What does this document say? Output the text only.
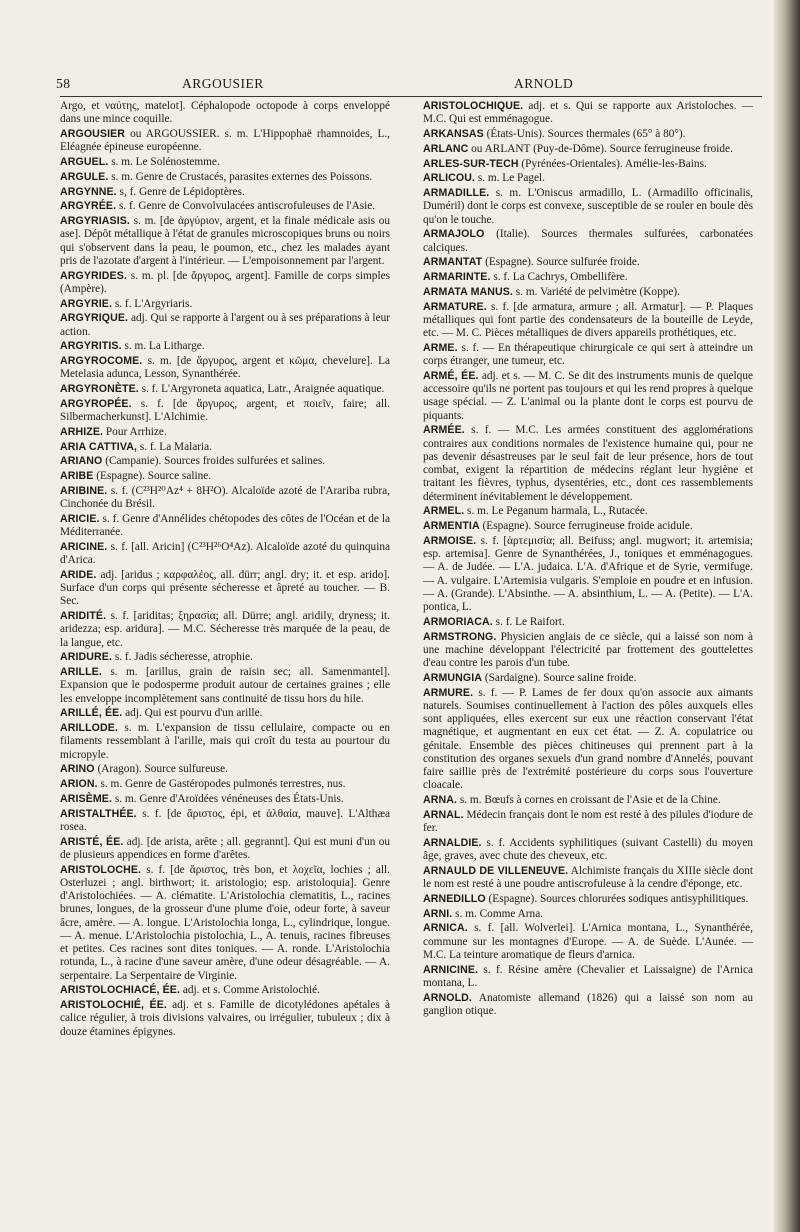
58	ARGOUSIER	ARNOLD

Argo, et ναύτης, matelot]. Céphalopode octopode à corps enveloppé dans une mince coquille.

ARGOUSIER ou ARGOUSSIER. s. m. L'Hippophaë rhamnoides, L., Eléagnée épineuse européenne.

ARGUEL. s. m. Le Solénostemme.

ARGULE. s. m. Genre de Crustacés, parasites externes des Poissons.

ARGYNNE. s, f. Genre de Lépidoptères.

ARGYRÉE. s. f. Genre de Convolvulacées antiscrofuleuses de l'Asie.

ARGYRIASIS. s. m. [de ἀργύριον, argent, et la finale médicale asis ou ase]. Dépôt métallique à l'état de granules microscopiques bruns ou noirs qui s'observent dans la peau, le poumon, etc., chez les malades ayant pris de l'azotate d'argent à l'intérieur. — L'empoisonnement par l'argent.

ARGYRIDES. s. m. pl. [de ἄργυρος, argent]. Famille de corps simples (Ampère).

ARGYRIE. s. f. L'Argyriaris.

ARGYRIQUE. adj. Qui se rapporte à l'argent ou à ses préparations à leur action.

ARGYRITIS. s. m. La Litharge.

ARGYROCOME. s. m. [de ἄργυρος, argent et κῶμα, chevelure]. La Metelasia adunca, Lesson, Synanthérée.

ARGYRONÈTE. s. f. L'Argyroneta aquatica, Latr., Araignée aquatique.

ARGYROPÉE. s. f. [de ἄργυρος, argent, et ποιεῖν, faire; all. Silbermacherkunst]. L'Alchimie.

ARHIZE. Pour Arrhize.

ARIA CATTIVA, s. f. La Malaria.

ARIANO (Campanie). Sources froides sulfurées et salines.

ARIBE (Espagne). Source saline.

ARIBINE. s. f. (C²³H²⁰Az⁴ + 8H²O). Alcaloïde azoté de l'Arariba rubra, Cinchonée du Brésil.

ARICIE. s. f. Genre d'Annélides chétopodes des côtes de l'Océan et de la Méditerranée.

ARICINE. s. f. [all. Aricin] (C²³H²⁶O⁴Az). Alcaloïde azoté du quinquina d'Arica.

ARIDE. adj. [aridus ; καρφαλέος, all. dürr; angl. dry; it. et esp. arido]. Surface d'un corps qui présente sécheresse et âpreté au toucher. — B. Sec.

ARIDITÉ. s. f. [ariditas; ξηρασία; all. Dürre; angl. aridily, dryness; it. aridezza; esp. aridura]. — M.C. Sécheresse très marquée de la peau, de la langue, etc.

ARIDURE. s. f. Jadis sécheresse, atrophie.

ARILLE. s. m. [arillus, grain de raisin sec; all. Samenmantel]. Expansion que le podosperme produit autour de certaines graines ; elle les enveloppe incomplètement sans continuité de tissu hors du hile.

ARILLÉ, ÉE. adj. Qui est pourvu d'un arille.

ARILLODE. s. m. L'expansion de tissu cellulaire, compacte ou en filaments ressemblant à l'arille, mais qui croît du testa au pourtour du micropyle.

ARINO (Aragon). Source sulfureuse.

ARION. s. m. Genre de Gastéropodes pulmonés terrestres, nus.

ARISÈME. s. m. Genre d'Aroïdées vénéneuses des États-Unis.

ARISTALTHÉE. s. f. [de ἄριστος, épi, et ἀλθαία, mauve]. L'Althæa rosea.

ARISTÉ, ÉE. adj. [de arista, arête ; all. gegrannt]. Qui est muni d'un ou de plusieurs appendices en forme d'arêtes.

ARISTOLOCHE. s. f. [de ἄριστος, très bon, et λοχεῖα, lochies ; all. Osterluzei ; angl. birthwort; it. aristologio; esp. aristoloquia]. Genre d'Aristolochiées. — A. clématite. L'Aristolochia clematitis, L., racines brunes, longues, de la grosseur d'une plume d'oie, odeur forte, à saveur âcre, amère. — A. longue. L'Aristolochia longa, L., cylindrique, longue. — A. menue. L'Aristolochia pistolochia, L., A. tenuis, racines fibreuses et petites. Ces racines sont dites toniques. — A. ronde. L'Aristolochia rotunda, L., à racine d'une saveur amère, d'une odeur désagréable. — A. serpentaire. La Serpentaire de Virginie.

ARISTOLOCHIACÉ, ÉE. adj. et s. Comme Aristolochié.

ARISTOLOCHIÉ, ÉE. adj. et s. Famille de dicotylédones apétales à calice régulier, à trois divisions valvaires, ou irrégulier, tubuleux ; dix à douze étamines épigynes.

ARISTOLOCHIQUE. adj. et s. Qui se rapporte aux Aristoloches. — M.C. Qui est emménagogue.

ARKANSAS (États-Unis). Sources thermales (65° à 80°).

ARLANC ou ARLANT (Puy-de-Dôme). Source ferrugineuse froide.

ARLES-SUR-TECH (Pyrénées-Orientales). Amélie-les-Bains.

ARLICOU. s. m. Le Pagel.

ARMADILLE. s. m. L'Oniscus armadillo, L. (Armadillo officinalis, Duméril) dont le corps est convexe, susceptible de se rouler en boule dès qu'on le touche.

ARMAJOLO (Italie). Sources thermales sulfurées, carbonatées calciques.

ARMANTAT (Espagne). Source sulfurée froide.

ARMARINTE. s. f. La Cachrys, Ombellifère.

ARMATA MANUS. s. m. Variété de pelvimètre (Koppe).

ARMATURE. s. f. [de armatura, armure ; all. Armatur]. — P. Plaques métalliques qui font partie des condensateurs de la bouteille de Leyde, etc. — M. C. Pièces métalliques de divers appareils prothétiques, etc.

ARME. s. f. — En thérapeutique chirurgicale ce qui sert à atteindre un corps étranger, une tumeur, etc.

ARMÉ, ÉE. adj. et s. — M. C. Se dit des instruments munis de quelque accessoire qu'ils ne portent pas toujours et qui les rend propres à quelque usage spécial. — Z. L'animal ou la plante dont le corps est pourvu de piquants.

ARMÉE. s. f. — M.C. Les armées constituent des agglomérations contraires aux conditions normales de l'existence humaine qui, pour ne pas devenir désastreuses par le seul fait de leur présence, hors de tout combat, exigent la répartition de médecins réglant leur hygiène et traitant les fièvres, typhus, dysentéries, etc., dont ces rassemblements déterminent inévitablement le développement.

ARMEL. s. m. Le Peganum harmala, L., Rutacée.

ARMENTIA (Espagne). Source ferrugineuse froide acidule.

ARMOISE. s. f. [ἀρτεμισία; all. Beifuss; angl. mugwort; it. artemisia; esp. artemisa]. Genre de Synanthérées, J., toniques et emménagogues. — A. de Judée. — L'A. judaica. L'A. d'Afrique et de Syrie, vermifuge. — A. vulgaire. L'Artemisia vulgaris. S'emploie en poudre et en infusion. — A. (Grande). L'Absinthe. — A. absinthium, L. — A. (Petite). — L'A. pontica, L.

ARMORIACA. s. f. Le Raifort.

ARMSTRONG. Physicien anglais de ce siècle, qui a laissé son nom à une machine développant l'électricité par frottement des gouttelettes d'eau contre les parois d'un tube.

ARMUNGIA (Sardaigne). Source saline froide.

ARMURE. s. f. — P. Lames de fer doux qu'on associe aux aimants naturels. Soumises continuellement à l'action des pôles auxquels elles sont appliquées, elles exercent sur eux une réaction conservant l'état magnétique, et augmentant en eux cet état. — Z. A. copulatrice ou génitale. Ensemble des pièces chitineuses qui prennent part à la constitution des organes sexuels d'un grand nombre d'Annelés, pouvant faire saillie près de l'extrémité postérieure du corps sous l'ouverture cloacale.

ARNA. s. m. Bœufs à cornes en croissant de l'Asie et de la Chine.

ARNAL. Médecin français dont le nom est resté à des pilules d'iodure de fer.

ARNALDIE. s. f. Accidents syphilitiques (suivant Castelli) du moyen âge, graves, avec chute des cheveux, etc.

ARNAULD DE VILLENEUVE. Alchimiste français du XIIIe siècle dont le nom est resté à une poudre antiscrofuleuse à la cendre d'éponge, etc.

ARNEDILLO (Espagne). Sources chlorurées sodiques antisyphilitiques.

ARNI. s. m. Comme Arna.

ARNICA. s. f. [all. Wolverlei]. L'Arnica montana, L., Synanthérée, commune sur les montagnes d'Europe. — A. de Suède. L'Aunée. — M.C. La teinture aromatique de fleurs d'arnica.

ARNICINE. s. f. Résine amère (Chevalier et Laissaigne) de l'Arnica montana, L.

ARNOLD. Anatomiste allemand (1826) qui a laissé son nom au ganglion otique.
